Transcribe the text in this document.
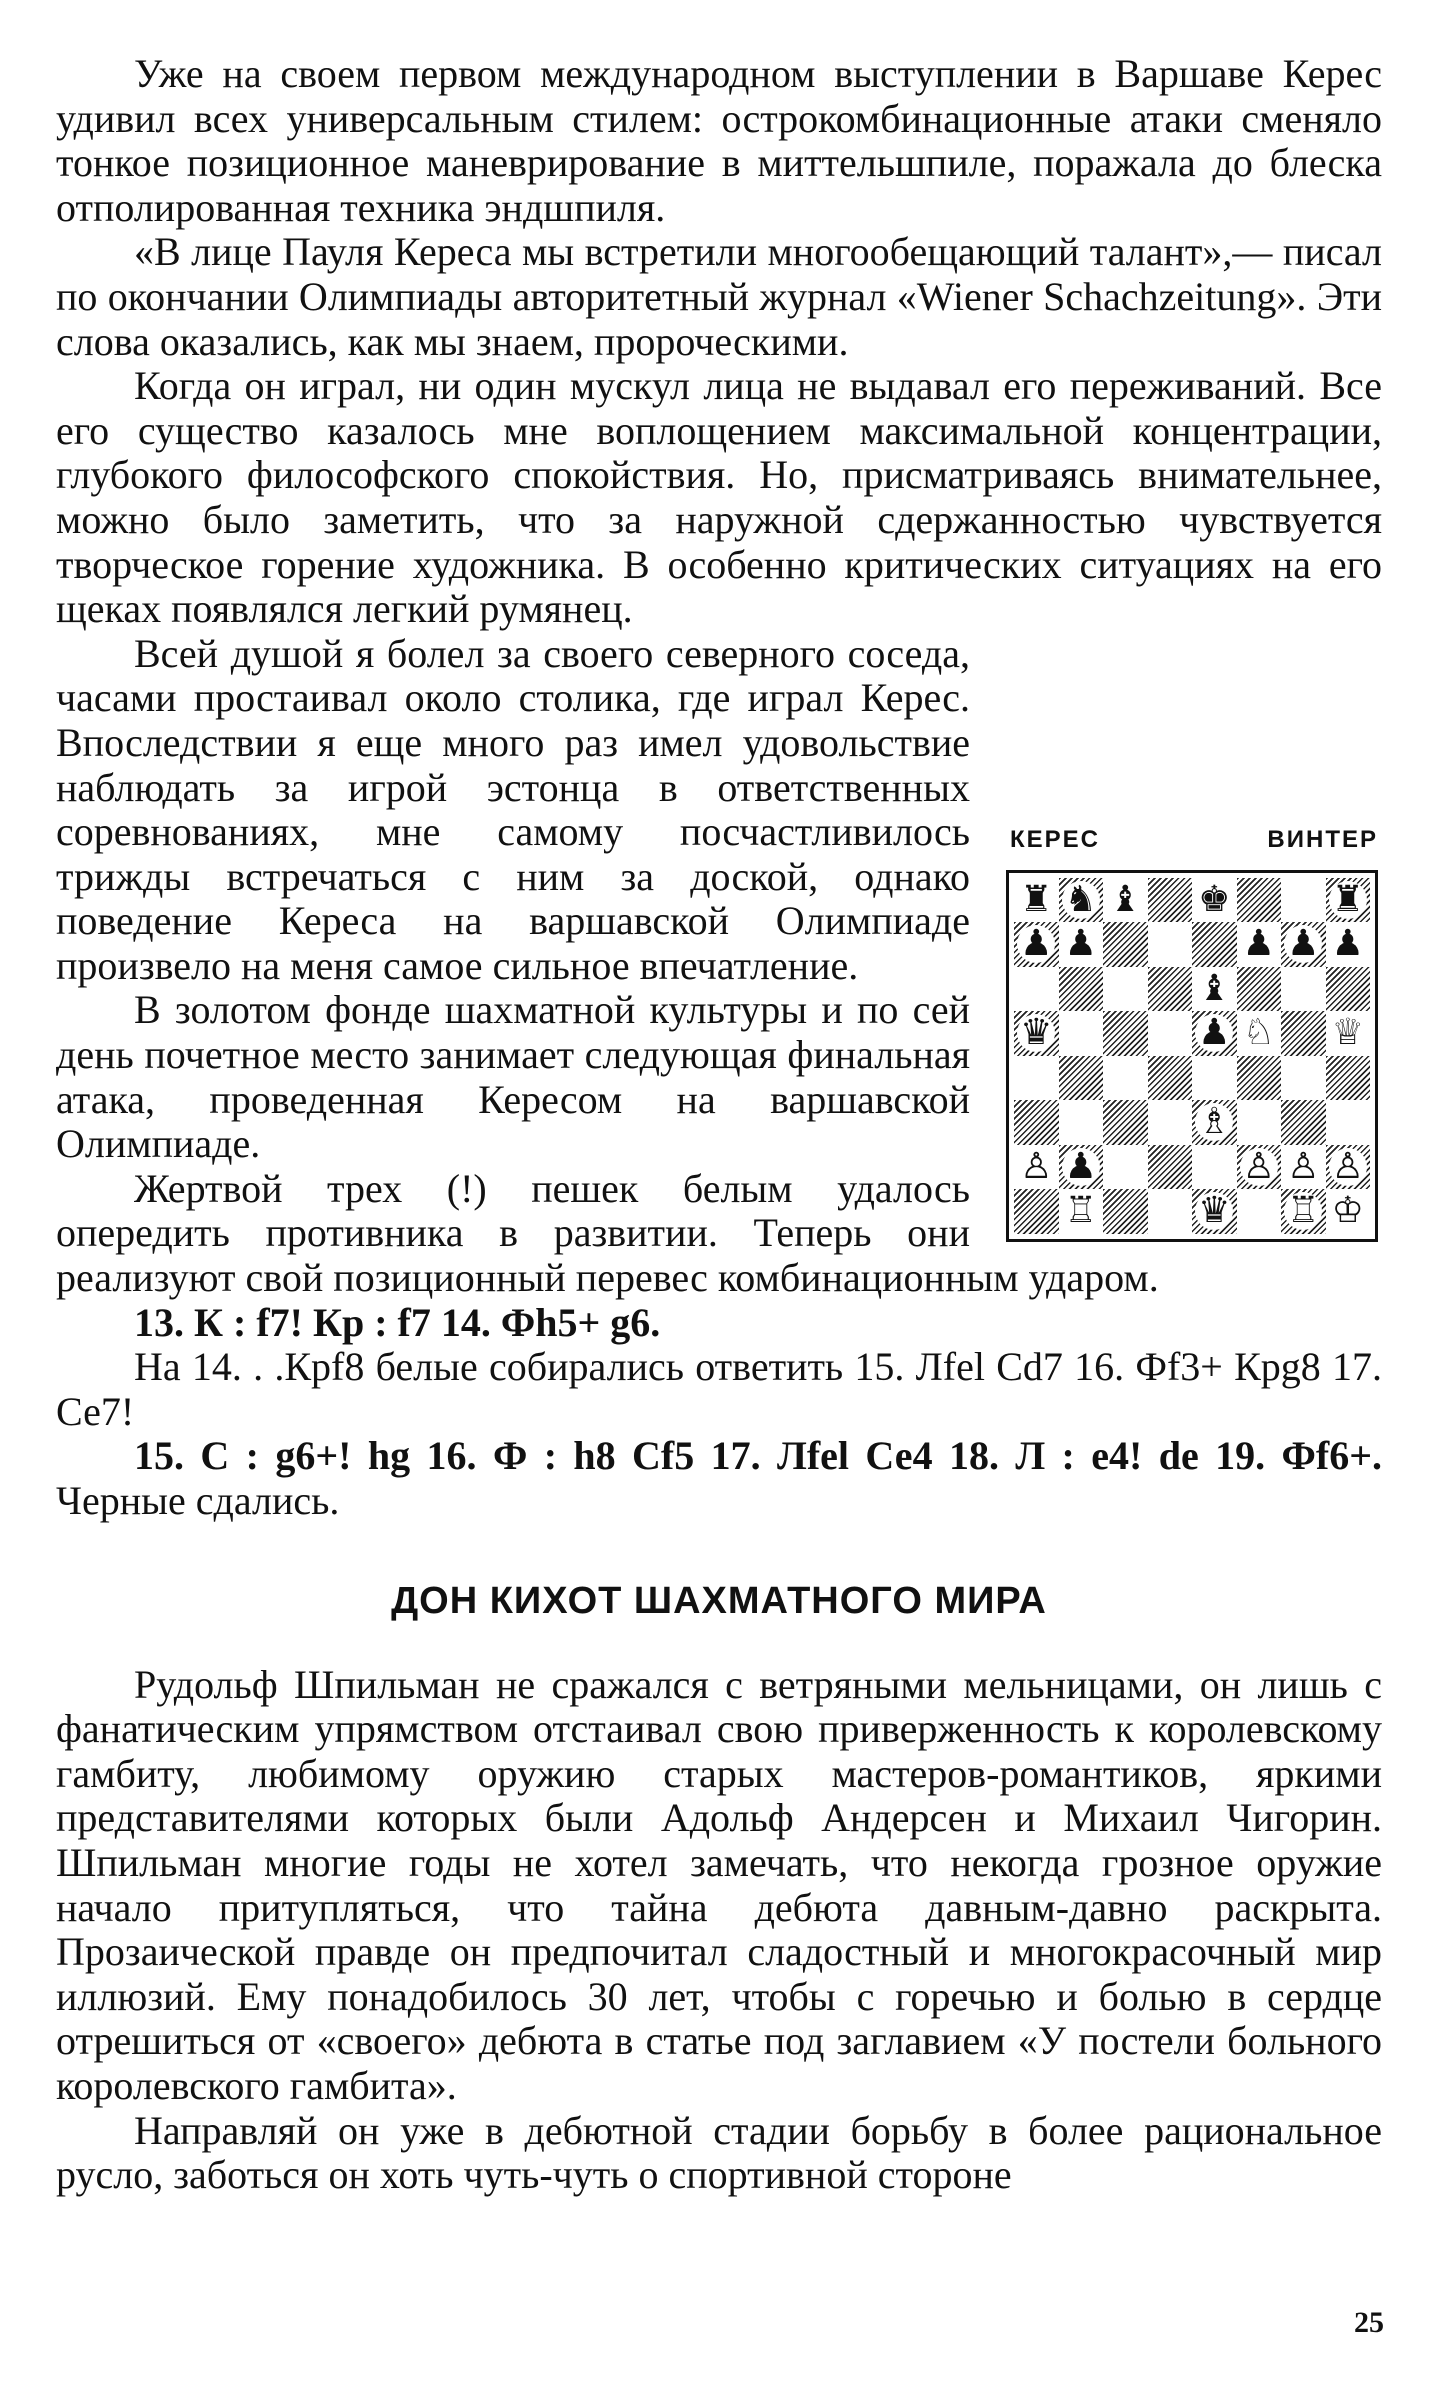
Уже на своем первом международном выступлении в Варшаве Керес удивил всех универсальным стилем: острокомбинационные атаки сменяло тонкое позиционное маневрирование в миттельшпиле, поражала до блеска отполированная техника эндшпиля.

«В лице Пауля Кереса мы встретили многообещающий талант»,— писал по окончании Олимпиады авторитетный журнал «Wiener Schachzeitung». Эти слова оказались, как мы знаем, пророческими.

Когда он играл, ни один мускул лица не выдавал его переживаний. Все его существо казалось мне воплощением максимальной концентрации, глубокого философского спокойствия. Но, присматриваясь внимательнее, можно было заметить, что за наружной сдержанностью чувствуется творческое горение художника. В особенно критических ситуациях на его щеках появлялся легкий румянец.

КЕРЕС	ВИНТЕР
♜ ♞ ♝ ♚	♜
♟ ♟	♟ ♟ ♟
♝
♛	♟ ♘ ♕
♗
♙ ♟	♙ ♙ ♙
♖	♛ ♖ ♔

Всей душой я болел за своего северного соседа, часами простаивал около столика, где играл Керес. Впоследствии я еще много раз имел удовольствие наблюдать за игрой эстонца в ответственных соревнованиях, мне самому посчастливилось трижды встречаться с ним за доской, однако поведение Кереса на варшавской Олимпиаде произвело на меня самое сильное впечатление.

В золотом фонде шахматной культуры и по сей день почетное место занимает следующая финальная атака, проведенная Кересом на варшавской Олимпиаде.

Жертвой трех (!) пешек белым удалось опередить противника в развитии. Теперь они реализуют свой позиционный перевес комбинационным ударом.

13. К : f7! Кр : f7 14. Фh5+ g6.

На 14. . .Кpf8 белые собирались ответить 15. Лfel Cd7 16. Фf3+ Кpg8 17. Се7!

15. С : g6+! hg 16. Ф : h8 Cf5 17. Лfel Се4 18. Л : е4! de 19. Фf6+. Черные сдались.

ДОН КИХОТ ШАХМАТНОГО МИРА

Рудольф Шпильман не сражался с ветряными мельницами, он лишь с фанатическим упрямством отстаивал свою приверженность к королевскому гамбиту, любимому оружию старых мастеров-романтиков, яркими представителями которых были Адольф Андерсен и Михаил Чигорин. Шпильман многие годы не хотел замечать, что некогда грозное оружие начало притупляться, что тайна дебюта давным-давно раскрыта. Прозаической правде он предпочитал сладостный и многокрасочный мир иллюзий. Ему понадобилось 30 лет, чтобы с горечью и болью в сердце отрешиться от «своего» дебюта в статье под заглавием «У постели больного королевского гамбита».

Направляй он уже в дебютной стадии борьбу в более рациональное русло, заботься он хоть чуть-чуть о спортивной стороне

25
